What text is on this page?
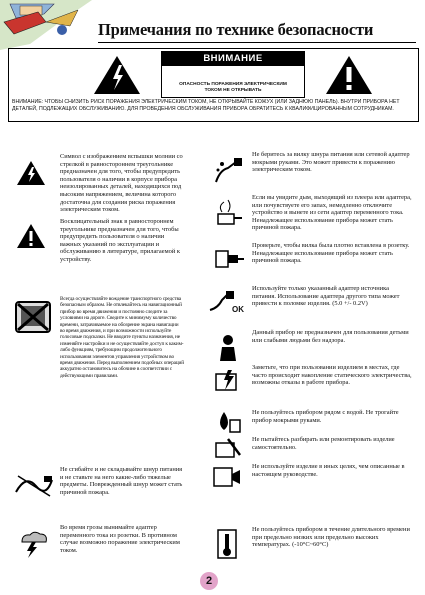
Примечания по технике безопасности
ВНИМАНИЕ
ОПАСНОСТЬ ПОРАЖЕНИЯ ЭЛЕКТРИЧЕСКИМ ТОКОМ НЕ ОТКРЫВАТЬ
ВНИМАНИЕ: ЧТОБЫ СНИЗИТЬ РИСК ПОРАЖЕНИЯ ЭЛЕКТРИЧЕСКИМ ТОКОМ, НЕ ОТКРЫВАЙТЕ КОЖУХ (ИЛИ ЗАДНЮЮ ПАНЕЛЬ). ВНУТРИ ПРИБОРА НЕТ ДЕТАЛЕЙ, ПОДЛЕЖАЩИХ ОБСЛУЖИВАНИЮ. ДЛЯ ПРОВЕДЕНИЯ ОБСЛУЖИВАНИЯ ПРИБОРА ОБРАТИТЕСЬ К КВАЛИФИЦИРОВАННЫМ СОТРУДНИКАМ.
Символ с изображением вспышки молнии со стрелкой в равностороннем треугольнике предназначен для того, чтобы предупредить пользователя о наличии в корпусе прибора неизолированных деталей, находящихся под высоким напряжением, величина которого достаточна для создания риска поражения электрическим током.
Восклицательный знак в равностороннем треугольнике предназначен для того, чтобы предупредить пользователя о наличии важных указаний по эксплуатации и обслуживанию в литературе, прилагаемой к устройству.
Всегда осуществляйте вождение транспортного средства безопасным образом. Не отвлекайтесь на навигационный прибор во время движения и постоянно следите за условиями на дороге. Сведите к минимуму количество времени, затрачиваемое на обозрение экрана навигации во время движения, и при возможности используйте голосовые подсказки. Не вводите пункты назначения, не изменяйте настройки и не осуществляйте доступ к каким-либо функциям, требующим продолжительного использования элементов управления устройством во время движения. Перед выполнением подобных операций аккуратно остановитесь на обочине в соответствии с действующими правилами.
Не сгибайте и не складывайте шнур питания и не ставьте на него какие-либо тяжелые предметы. Поврежденный шнур может стать причиной пожара.
Во время грозы вынимайте адаптер переменного тока из розетки. В противном случае возможно поражение электрическим током.
Не беритесь за вилку шнура питания или сетевой адаптер мокрыми руками. Это может привести к поражению электрическим током.
Если вы увидите дым, выходящий из плеера или адаптера, или почувствуете его запах, немедленно отключите устройство и вынете из сети адаптер переменного тока. Ненадлежащее использование прибора может стать причиной пожара.
Проверьте, чтобы вилка была плотно вставлена в розетку. Ненадлежащее использование прибора может стать причиной пожара.
OK
Используйте только указанный адаптер источника питания. Использование адаптера другого типа может привести к поломке изделия. (5.0 +/- 0.2V)
Данный прибор не предназначен для пользования детьми или слабыми людьми без надзора.
Заметьте, что при пользовании изделием в местах, где часто происходит накопление статического электричества, возможны отказы в работе прибора.
Не пользуйтесь прибором рядом с водой. Не трогайте прибор мокрыми руками.
Не пытайтесь разбирать или ремонтировать изделие самостоятельно.
Не используйте изделие в иных целях, чем описанные в настоящем руководстве.
Не пользуйтесь прибором в течение длительного времени при предельно низких или предельно высоких температурах. (-10°C~60°C)
2
